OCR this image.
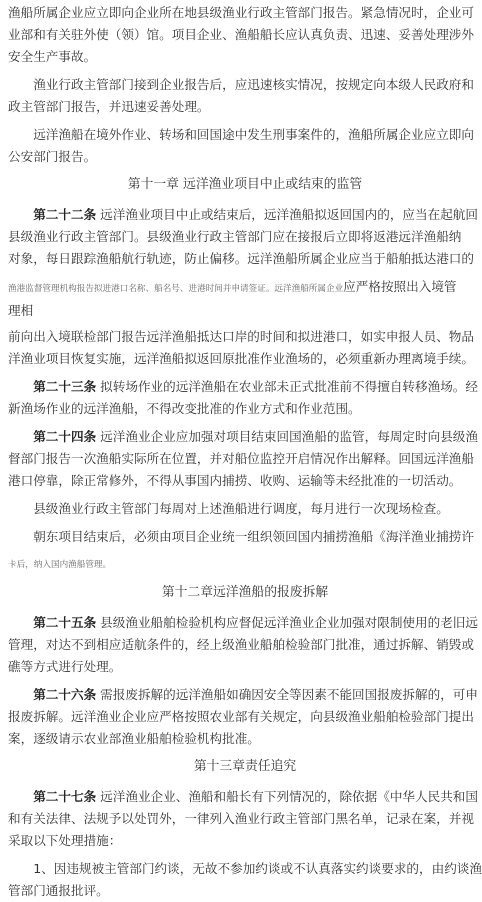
渔船所属企业应立即向企业所在地县级渔业行政主管部门报告。紧急情况时，企业可
业部和有关驻外使（领）馆。项目企业、渔船船长应认真负责、迅速、妥善处理涉外
安全生产事故。
　　渔业行政主管部门接到企业报告后，应迅速核实情况，按规定向本级人民政府和
政主管部门报告，并迅速妥善处理。
　　远洋渔船在境外作业、转场和回国途中发生刑事案件的，渔船所属企业应立即向
公安部门报告。
第十一章 远洋渔业项目中止或结束的监管
　　第二十二条 远洋渔业项目中止或结束后，远洋渔船拟返回国内的，应当在起航回
县级渔业行政主管部门。县级渔业行政主管部门应在接报后立即将返港远洋渔船纳
对象，每日跟踪渔船航行轨迹，防止偏移。远洋渔船所属企业应当于船舶抵达港口的
渔港监督管理机构报告拟进港口名称、船名号、进港时间并申请签证。远洋渔船所属企业应严格按照出入境管理相
前向出入境联检部门报告远洋渔船抵达口岸的时间和拟进港口，如实申报人员、物品
洋渔业项目恢复实施，远洋渔船拟返回原批准作业渔场的，必须重新办理离境手续。
　　第二十三条 拟转场作业的远洋渔船在农业部未正式批准前不得擅自转移渔场。经
新渔场作业的远洋渔船，不得改变批准的作业方式和作业范围。
　　第二十四条 远洋渔业企业应加强对项目结束回国渔船的监管，每周定时向县级渔
督部门报告一次渔船实际所在位置，并对船位监控开启情况作出解释。回国远洋渔船
港口停靠，除正常修外，不得从事国内捕捞、收购、运输等未经批准的一切活动。
　　县级渔业行政主管部门每周对上述渔船进行调度，每月进行一次现场检查。
　　朝东项目结束后，必须由项目企业统一组织领回国内捕捞渔船《海洋渔业捕捞许
卡后，纳入国内渔船管理。
第十二章远洋渔船的报废拆解
　　第二十五条 县级渔业船舶检验机构应督促远洋渔业企业加强对限制使用的老旧远
管理，对达不到相应适航条件的，经上级渔业船舶检验部门批准，通过拆解、销毁或
礁等方式进行处理。
　　第二十六条 需报废拆解的远洋渔船如确因安全等因素不能回国报废拆解的，可申
报废拆解。远洋渔业企业应严格按照农业部有关规定，向县级渔业船舶检验部门提出
案，逐级请示农业部渔业船舶检验机构批准。
第十三章责任追究
　　第二十七条 远洋渔业企业、渔船和船长有下列情况的，除依据《中华人民共和国
和有关法律、法规予以处罚外，一律列入渔业行政主管部门黑名单，记录在案，并视
采取以下处理措施：
　　1、因违规被主管部门约谈，无故不参加约谈或不认真落实约谈要求的，由约谈渔
管部门通报批评。
